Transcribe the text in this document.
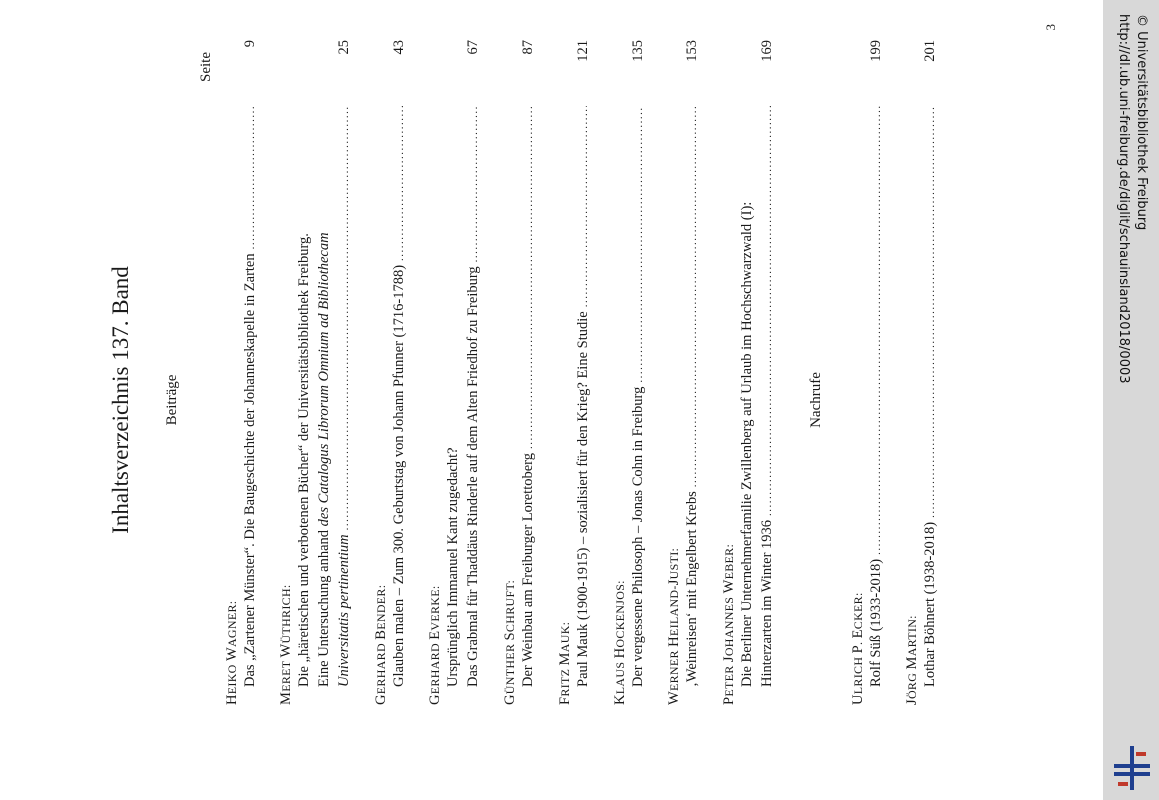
Inhaltsverzeichnis 137. Band Beiträge
Seite
HEIKO WAGNER: Das „Zartener Münster“. Die Baugeschichte der Johanneskapelle in Zarten
.....
9
MERET WÜTHRICH: Die „häretischen und verbotenen Bücher“ der Universitätsbibliothek Freiburg. Eine Untersuchung anhand des Catalogus Librorum Omnium ad Bibliothecam
Universitatis pertinentium
.....
25
GERHARD BENDER: Glauben malen – Zum 300. Geburtstag von Johann Pfunner (1716-1788)
.....
43
GERHARD EVERKE: Ursprünglich Immanuel Kant zugedacht? Das Grabmal für Thaddäus Rinderle auf dem Alten Friedhof zu Freiburg
.....
67
GÜNTHER SCHRUFT: Der Weinbau am Freiburger Lorettoberg
.....
87
FRITZ MAUK: Paul Mauk (1900-1915) – sozialisiert für den Krieg? Eine Studie
.....
121
KLAUS HOCKENJOS: Der vergessene Philosoph – Jonas Cohn in Freiburg
.....
135
WERNER HEILAND-JUSTI: ‚Weinreisen‘ mit Engelbert Krebs
.....
153
PETER JOHANNES WEBER: Die Berliner Unternehmerfamilie Zwillenberg auf Urlaub im Hochschwarzwald (I): Hinterzarten im Winter 1936
.....
169
Nachrufe
ULRICH P. ECKER: Rolf Süß (1933-2018)
.....
199
JÖRG MARTIN: Lothar Böhnert (1938-2018)
.....
201
3	http://dl.ub.uni-freiburg.de/diglit/schauinsland2018/0003 © Universitätsbibliothek Freiburg
